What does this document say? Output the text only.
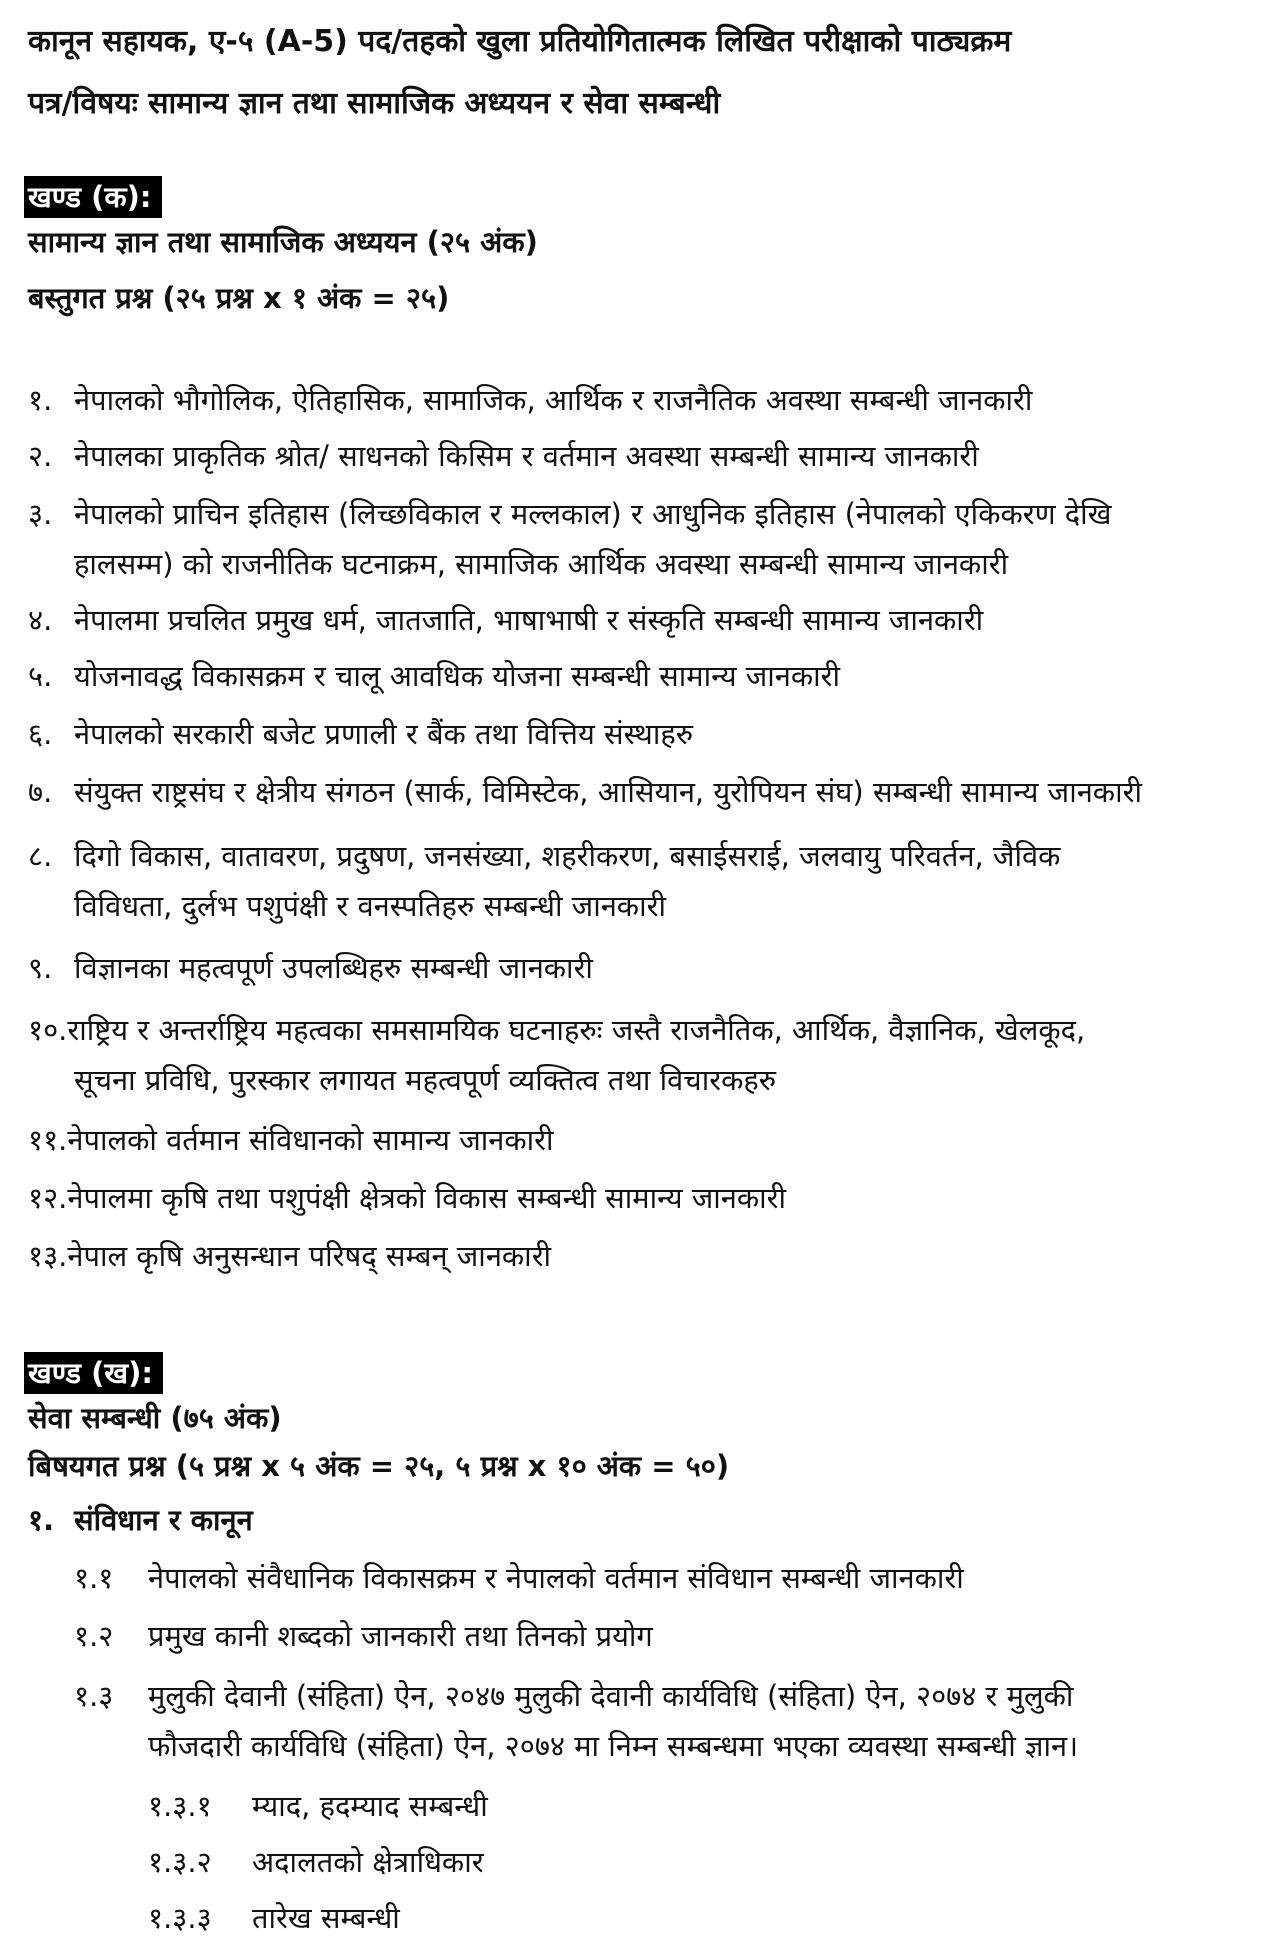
कानून सहायक, ए-५ (A-5) पद/तहको खुला प्रतियोगितात्मक लिखित परीक्षाको पाठ्यक्रम
पत्र/विषयः सामान्य ज्ञान तथा सामाजिक अध्ययन र सेवा सम्बन्धी
खण्ड (क):
सामान्य ज्ञान तथा सामाजिक अध्ययन (२५ अंक)
बस्तुगत प्रश्न (२५ प्रश्न x १ अंक = २५)
१. नेपालको भौगोलिक, ऐतिहासिक, सामाजिक, आर्थिक र राजनैतिक अवस्था सम्बन्धी जानकारी
२. नेपालका प्राकृतिक श्रोत/ साधनको किसिम र वर्तमान अवस्था सम्बन्धी सामान्य जानकारी
३. नेपालको प्राचिन इतिहास (लिच्छविकाल र मल्लकाल) र आधुनिक इतिहास (नेपालको एकिकरण देखि
हालसम्म) को राजनीतिक घटनाक्रम, सामाजिक आर्थिक अवस्था सम्बन्धी सामान्य जानकारी
४. नेपालमा प्रचलित प्रमुख धर्म, जातजाति, भाषाभाषी र संस्कृति सम्बन्धी सामान्य जानकारी
५. योजनावद्ध विकासक्रम र चालू आवधिक योजना सम्बन्धी सामान्य जानकारी
६. नेपालको सरकारी बजेट प्रणाली र बैंक तथा वित्तिय संस्थाहरु
७. संयुक्त राष्ट्रसंघ र क्षेत्रीय संगठन (सार्क, विमिस्टेक, आसियान, युरोपियन संघ) सम्बन्धी सामान्य जानकारी
८. दिगो विकास, वातावरण, प्रदुषण, जनसंख्या, शहरीकरण, बसाईसराई, जलवायु परिवर्तन, जैविक
विविधता, दुर्लभ पशुपंक्षी र वनस्पतिहरु सम्बन्धी जानकारी
९. विज्ञानका महत्वपूर्ण उपलब्धिहरु सम्बन्धी जानकारी
१०.राष्ट्रिय र अन्तर्राष्ट्रिय महत्वका समसामयिक घटनाहरुः जस्तै राजनैतिक, आर्थिक, वैज्ञानिक, खेलकूद,
सूचना प्रविधि, पुरस्कार लगायत महत्वपूर्ण व्यक्तित्व तथा विचारकहरु
११.नेपालको वर्तमान संविधानको सामान्य जानकारी
१२.नेपालमा कृषि तथा पशुपंक्षी क्षेत्रको विकास सम्बन्धी सामान्य जानकारी
१३.नेपाल कृषि अनुसन्धान परिषद् सम्बन् जानकारी
खण्ड (ख):
सेवा सम्बन्धी (७५ अंक)
बिषयगत प्रश्न (५ प्रश्न x ५ अंक = २५, ५ प्रश्न x १० अंक = ५०)
१. संविधान र कानून
१.१ नेपालको संवैधानिक विकासक्रम र नेपालको वर्तमान संविधान सम्बन्धी जानकारी
१.२ प्रमुख कानी शब्दको जानकारी तथा तिनको प्रयोग
१.३ मुलुकी देवानी (संहिता) ऐन, २०४७ मुलुकी देवानी कार्यविधि (संहिता) ऐन, २०७४ र मुलुकी
फौजदारी कार्यविधि (संहिता) ऐन, २०७४ मा निम्न सम्बन्धमा भएका व्यवस्था सम्बन्धी ज्ञान।
१.३.१ म्याद, हदम्याद सम्बन्धी
१.३.२ अदालतको क्षेत्राधिकार
१.३.३ तारेख सम्बन्धी
